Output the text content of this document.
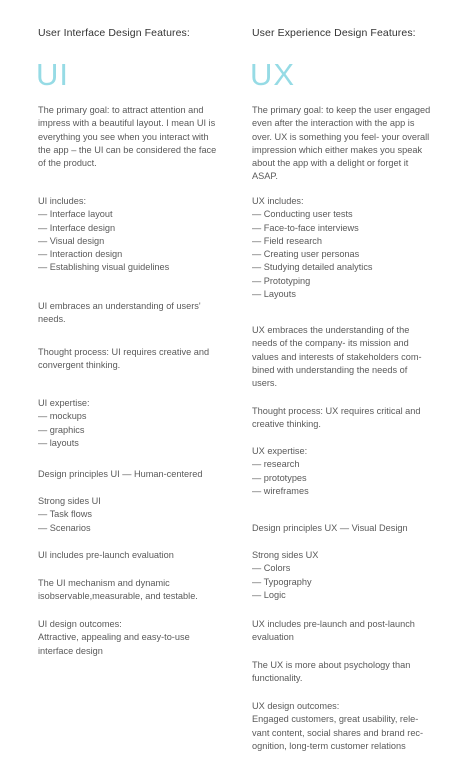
User Interface Design Features:
UI
The primary goal: to attract attention and
impress with a beautiful layout. I mean UI is
everything you see when you interact with
the app – the UI can be considered the face
of the product.
UI includes:
— Interface layout
— Interface design
— Visual design
— Interaction design
— Establishing visual guidelines
UI embraces an understanding of users'
needs.
Thought process: UI requires creative and
convergent thinking.
UI expertise:
— mockups
— graphics
— layouts
Design principles UI — Human-centered
Strong sides UI
— Task flows
— Scenarios
UI includes pre-launch evaluation
The UI mechanism and dynamic
isobservable,measurable, and testable.
UI design outcomes:
Attractive, appealing and easy-to-use
interface design
User Experience Design Features:
UX
The primary goal: to keep the user engaged
even after the interaction with the app is
over. UX is something you feel- your overall
impression which either makes you speak
about the app with a delight or forget it
ASAP.
UX includes:
— Conducting user tests
— Face-to-face interviews
— Field research
— Creating user personas
— Studying detailed analytics
— Prototyping
— Layouts
UX embraces the understanding of the
needs of the company- its mission and
values and interests of stakeholders com-
bined with understanding the needs of
users.
Thought process: UX requires critical and
creative thinking.
UX expertise:
— research
— prototypes
— wireframes
Design principles UX — Visual Design
Strong sides UX
— Colors
— Typography
— Logic
UX includes pre-launch and post-launch
evaluation
The UX is more about psychology than
functionality.
UX design outcomes:
Engaged customers, great usability, rele-
vant content, social shares and brand rec-
ognition, long-term customer relations
